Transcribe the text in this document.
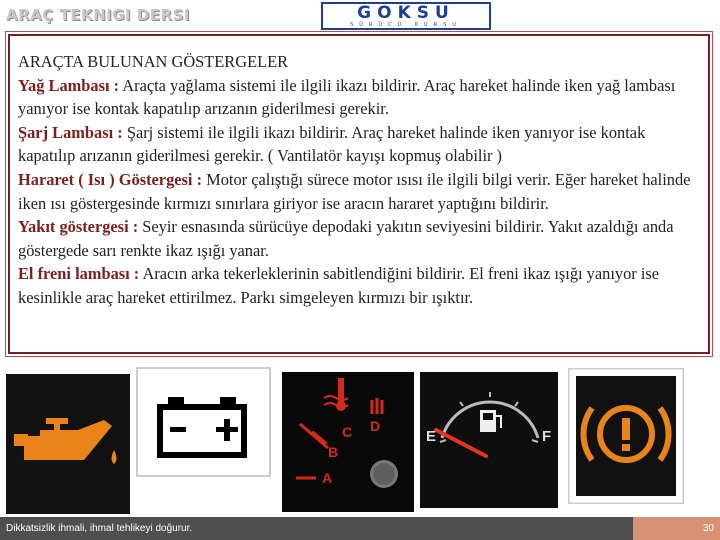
ARAÇ TEKNIGI DERSI	GÖKSU
SÜRÜCÜ KURSU

ARAÇTA BULUNAN GÖSTERGELER

Yağ Lambası : Araçta yağlama sistemi ile ilgili ikazı bildirir. Araç hareket halinde iken yağ lambası yanıyor ise kontak kapatılıp arızanın giderilmesi gerekir.

Şarj Lambası : Şarj sistemi ile ilgili ikazı bildirir. Araç hareket halinde iken yanıyor ise kontak kapatılıp arızanın giderilmesi gerekir. ( Vantilatör kayışı kopmuş olabilir )

Hararet ( Isı ) Göstergesi : Motor çalıştığı sürece motor ısısı ile ilgili bilgi verir. Eğer hareket halinde iken ısı göstergesinde kırmızı sınırlara giriyor ise aracın hararet yaptığını bildirir.

Yakıt göstergesi : Seyir esnasında sürücüye depodaki yakıtın seviyesini bildirir. Yakıt azaldığı anda göstergede sarı renkte ikaz ışığı yanar.

El freni lambası : Aracın arka tekerleklerinin sabitlendiğini bildirir. El freni ikaz ışığı yanıyor ise kesinlikle araç hareket ettirilmez. Parkı simgeleyen kırmızı bir ışıktır.

C D
B
A
E	F
Dikkatsizlik ihmali, ihmal tehlikeyi doğurur.	30
